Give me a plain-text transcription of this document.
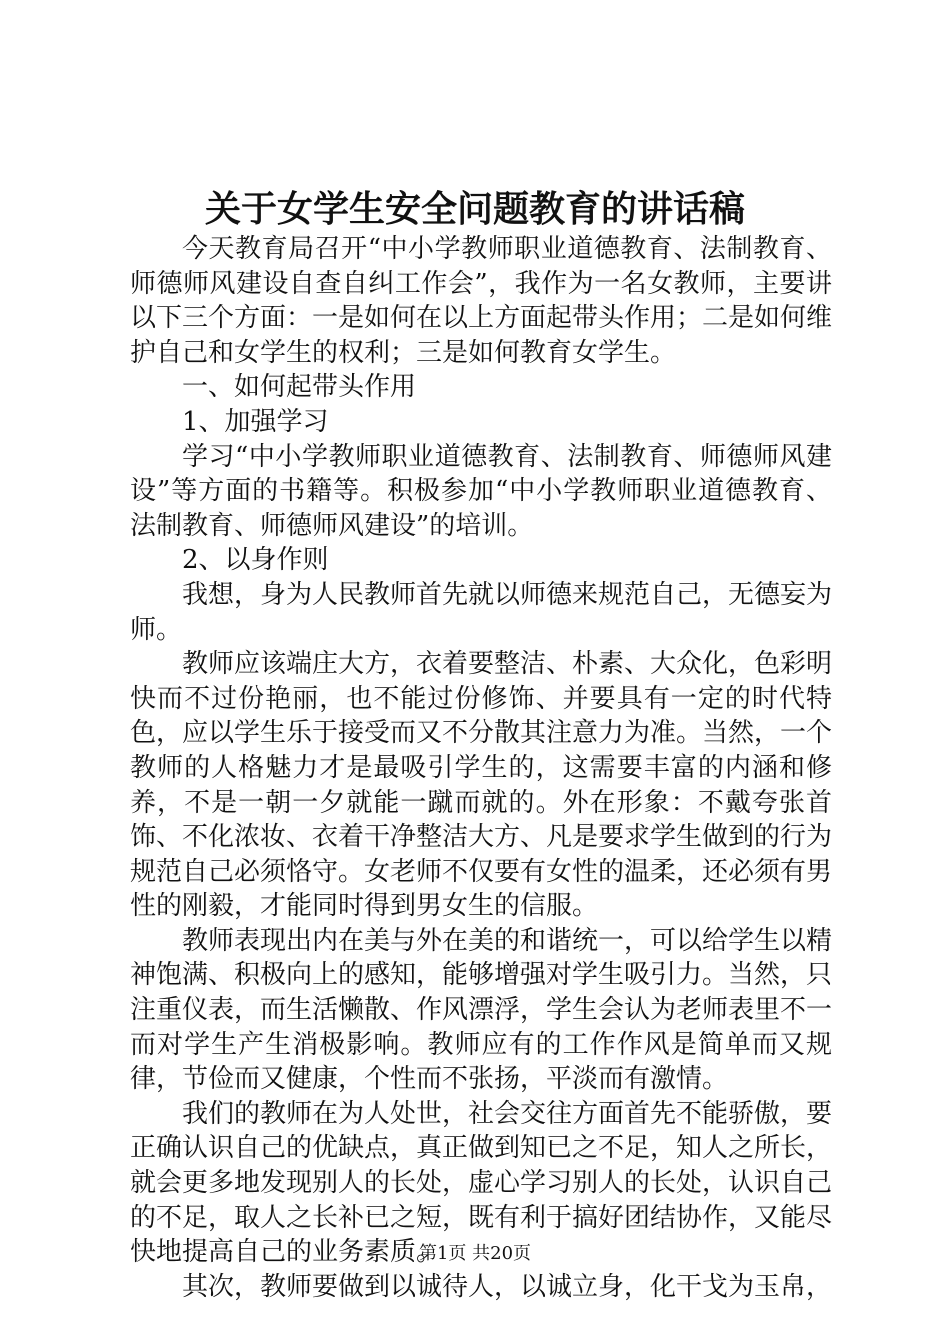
关于女学生安全问题教育的讲话稿

今天教育局召开“中小学教师职业道德教育、法制教育、师德师风建设自查自纠工作会”，我作为一名女教师，主要讲以下三个方面：一是如何在以上方面起带头作用；二是如何维护自己和女学生的权利；三是如何教育女学生。

一、如何起带头作用

1、加强学习

学习“中小学教师职业道德教育、法制教育、师德师风建设”等方面的书籍等。积极参加“中小学教师职业道德教育、法制教育、师德师风建设”的培训。

2、以身作则

我想，身为人民教师首先就以师德来规范自己，无德妄为师。

教师应该端庄大方，衣着要整洁、朴素、大众化，色彩明快而不过份艳丽，也不能过份修饰、并要具有一定的时代特色，应以学生乐于接受而又不分散其注意力为准。当然，一个教师的人格魅力才是最吸引学生的，这需要丰富的内涵和修养，不是一朝一夕就能一蹴而就的。外在形象：不戴夸张首饰、不化浓妆、衣着干净整洁大方、凡是要求学生做到的行为规范自己必须恪守。女老师不仅要有女性的温柔，还必须有男性的刚毅，才能同时得到男女生的信服。

教师表现出内在美与外在美的和谐统一，可以给学生以精神饱满、积极向上的感知，能够增强对学生吸引力。当然，只注重仪表，而生活懒散、作风漂浮，学生会认为老师表里不一而对学生产生消极影响。教师应有的工作作风是简单而又规律，节俭而又健康，个性而不张扬，平淡而有激情。

我们的教师在为人处世，社会交往方面首先不能骄傲，要正确认识自己的优缺点，真正做到知已之不足，知人之所长，就会更多地发现别人的长处，虚心学习别人的长处，认识自己的不足，取人之长补已之短，既有利于搞好团结协作，又能尽快地提高自己的业务素质。

其次，教师要做到以诚待人，以诚立身，化干戈为玉帛，

第1页 共20页
